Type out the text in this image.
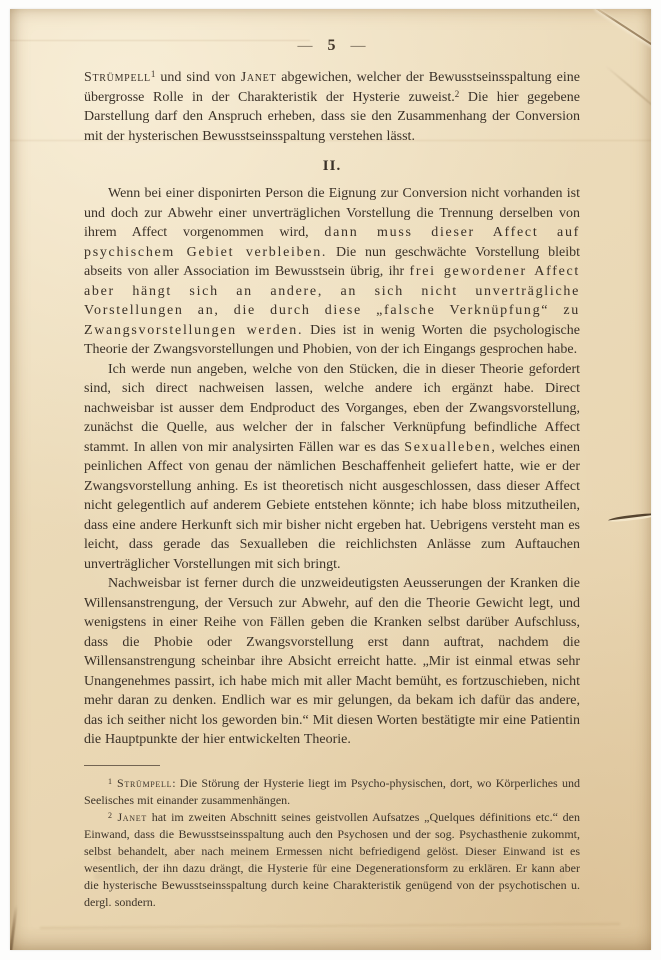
— 5 —

Strümpell$^1$ und sind von Janet abgewichen, welcher der Bewusstseinsspaltung eine übergrosse Rolle in der Charakteristik der Hysterie zuweist.$^2$ Die hier gegebene Darstellung darf den Anspruch erheben, dass sie den Zusammenhang der Conversion mit der hysterischen Bewusstseinsspaltung verstehen lässt.

II.

Wenn bei einer disponirten Person die Eignung zur Conversion nicht vorhanden ist und doch zur Abwehr einer unverträglichen Vorstellung die Trennung derselben von ihrem Affect vorgenommen wird, dann muss dieser Affect auf psychischem Gebiet verbleiben. Die nun geschwächte Vorstellung bleibt abseits von aller Association im Bewusstsein übrig, ihr frei gewordener Affect aber hängt sich an andere, an sich nicht unverträgliche Vorstellungen an, die durch diese „falsche Verknüpfung“ zu Zwangsvorstellungen werden. Dies ist in wenig Worten die psychologische Theorie der Zwangsvorstellungen und Phobien, von der ich Eingangs gesprochen habe.

Ich werde nun angeben, welche von den Stücken, die in dieser Theorie gefordert sind, sich direct nachweisen lassen, welche andere ich ergänzt habe. Direct nachweisbar ist ausser dem Endproduct des Vorganges, eben der Zwangsvorstellung, zunächst die Quelle, aus welcher der in falscher Verknüpfung befindliche Affect stammt. In allen von mir analysirten Fällen war es das Sexualleben, welches einen peinlichen Affect von genau der nämlichen Beschaffenheit geliefert hatte, wie er der Zwangsvorstellung anhing. Es ist theoretisch nicht ausgeschlossen, dass dieser Affect nicht gelegentlich auf anderem Gebiete entstehen könnte; ich habe bloss mitzutheilen, dass eine andere Herkunft sich mir bisher nicht ergeben hat. Uebrigens versteht man es leicht, dass gerade das Sexualleben die reichlichsten Anlässe zum Auftauchen unverträglicher Vorstellungen mit sich bringt.

Nachweisbar ist ferner durch die unzweideutigsten Aeusserungen der Kranken die Willensanstrengung, der Versuch zur Abwehr, auf den die Theorie Gewicht legt, und wenigstens in einer Reihe von Fällen geben die Kranken selbst darüber Aufschluss, dass die Phobie oder Zwangsvorstellung erst dann auftrat, nachdem die Willensanstrengung scheinbar ihre Absicht erreicht hatte. „Mir ist einmal etwas sehr Unangenehmes passirt, ich habe mich mit aller Macht bemüht, es fortzuschieben, nicht mehr daran zu denken. Endlich war es mir gelungen, da bekam ich dafür das andere, das ich seither nicht los geworden bin.“ Mit diesen Worten bestätigte mir eine Patientin die Hauptpunkte der hier entwickelten Theorie.

$^1$ Strümpell: Die Störung der Hysterie liegt im Psycho-physischen, dort, wo Körperliches und Seelisches mit einander zusammenhängen.

$^2$ Janet hat im zweiten Abschnitt seines geistvollen Aufsatzes „Quelques définitions etc.“ den Einwand, dass die Bewusstseinsspaltung auch den Psychosen und der sog. Psychasthenie zukommt, selbst behandelt, aber nach meinem Ermessen nicht befriedigend gelöst. Dieser Einwand ist es wesentlich, der ihn dazu drängt, die Hysterie für eine Degenerationsform zu erklären. Er kann aber die hysterische Bewusstseinsspaltung durch keine Charakteristik genügend von der psychotischen u. dergl. sondern.
